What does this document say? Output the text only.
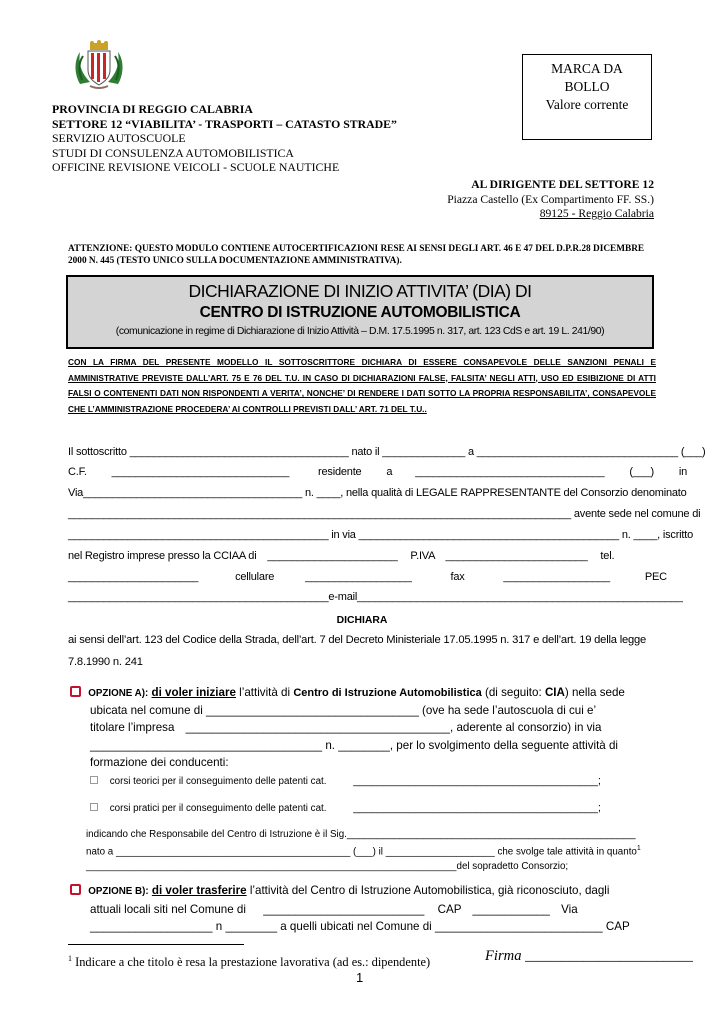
MARCA DA
BOLLO
Valore corrente
PROVINCIA DI REGGIO CALABRIA
SETTORE 12 “VIABILITA’ - TRASPORTI – CATASTO STRADE”
SERVIZIO AUTOSCUOLE
STUDI DI CONSULENZA AUTOMOBILISTICA
OFFICINE REVISIONE VEICOLI - SCUOLE NAUTICHE
AL DIRIGENTE DEL SETTORE 12
Piazza Castello (Ex Compartimento FF. SS.)
89125 - Reggio Calabria
ATTENZIONE: QUESTO MODULO CONTIENE AUTOCERTIFICAZIONI RESE AI SENSI DEGLI ART. 46 E 47 DEL D.P.R.28 DICEMBRE 2000 N. 445 (TESTO UNICO SULLA DOCUMENTAZIONE AMMINISTRATIVA).
DICHIARAZIONE DI INIZIO ATTIVITA’ (DIA) DI
CENTRO DI ISTRUZIONE AUTOMOBILISTICA
(comunicazione in regime di Dichiarazione di Inizio Attività – D.M. 17.5.1995 n. 317, art. 123 CdS e art. 19 L. 241/90)
CON LA FIRMA DEL PRESENTE MODELLO IL SOTTOSCRITTORE DICHIARA DI ESSERE CONSAPEVOLE DELLE SANZIONI PENALI E AMMINISTRATIVE PREVISTE DALL’ART. 75 E 76 DEL T.U. IN CASO DI DICHIARAZIONI FALSE, FALSITA’ NEGLI ATTI, USO ED ESIBIZIONE DI ATTI FALSI O CONTENENTI DATI NON RISPONDENTI A VERITA’, NONCHE’ DI RENDERE I DATI SOTTO LA PROPRIA RESPONSABILITA’, CONSAPEVOLE CHE L’AMMINISTRAZIONE PROCEDERA’ AI CONTROLLI PREVISTI DALL’ ART. 71 DEL T.U..
Il sottoscritto _____________________________________ nato il ______________ a __________________________________ (___)
C.F. ______________________________	residente a ________________________________ (___) in
Via_____________________________________ n. ____, nella qualità di LEGALE RAPPRESENTANTE del Consorzio denominato
_____________________________________________________________________________________ avente sede nel comune di
____________________________________________ in via ____________________________________________ n. ____, iscritto
nel Registro imprese presso la CCIAA di ______________________ P.IVA ________________________ tel.
______________________	cellulare	__________________	fax	__________________	PEC
____________________________________________e-mail_______________________________________________________
DICHIARA
ai sensi dell’art. 123 del Codice della Strada, dell’art. 7 del Decreto Ministeriale 17.05.1995 n. 317 e dell’art. 19 della legge
7.8.1990 n. 241
OPZIONE A): di voler iniziare l’attività di Centro di Istruzione Automobilistica (di seguito: CIA) nella sede
ubicata nel comune di _________________________________ (ove ha sede l’autoscuola di cui e’
titolare l’impresa _________________________________________, aderente al consorzio) in via
____________________________________ n. ________, per lo svolgimento della seguente attività di
formazione dei conducenti:
corsi teorici per il conseguimento delle patenti cat. ________________________________________;
corsi pratici per il conseguimento delle patenti cat. ________________________________________;
indicando che Responsabile del Centro di Istruzione è il Sig._________________________________________________
nato a ___________________________________________ (___) il ____________________ che svolge tale attività in quanto$^1$
____________________________________________________________________del sopradetto Consorzio;
OPZIONE B): di voler trasferire l’attività del Centro di Istruzione Automobilistica, già riconosciuto, dagli
attuali locali siti nel Comune di _________________________ CAP ____________ Via
___________________ n ________ a quelli ubicati nel Comune di __________________________ CAP
$^1$ Indicare a che titolo è resa la prestazione lavorativa (ad es.: dipendente)	Firma _______________________
1
